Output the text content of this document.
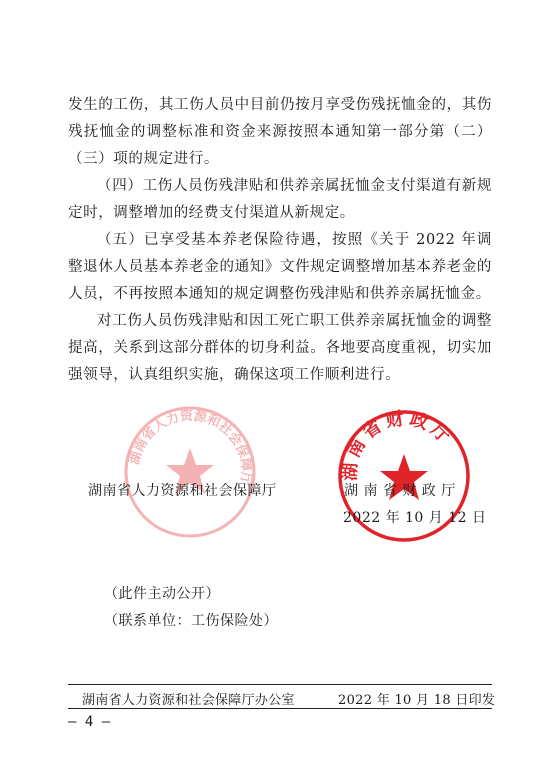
发生的工伤，其工伤人员中目前仍按月享受伤残抚恤金的，其伤残抚恤金的调整标准和资金来源按照本通知第一部分第（二）（三）项的规定进行。

（四）工伤人员伤残津贴和供养亲属抚恤金支付渠道有新规定时，调整增加的经费支付渠道从新规定。

（五）已享受基本养老保险待遇，按照《关于 2022 年调整退休人员基本养老金的通知》文件规定调整增加基本养老金的人员，不再按照本通知的规定调整伤残津贴和供养亲属抚恤金。

对工伤人员伤残津贴和因工死亡职工供养亲属抚恤金的调整提高，关系到这部分群体的切身利益。各地要高度重视，切实加强领导，认真组织实施，确保这项工作顺利进行。

湖南省人力资源和社会保障厅	湖南省财政厅
湖南省人力资源和社会保障厅	湖 南 省 财 政 厅
2022 年 10 月 12 日
（此件主动公开）
（联系单位：工伤保险处）
湖南省人力资源和社会保障厅办公室	2022 年 10 月 18 日印发
– 4 –
